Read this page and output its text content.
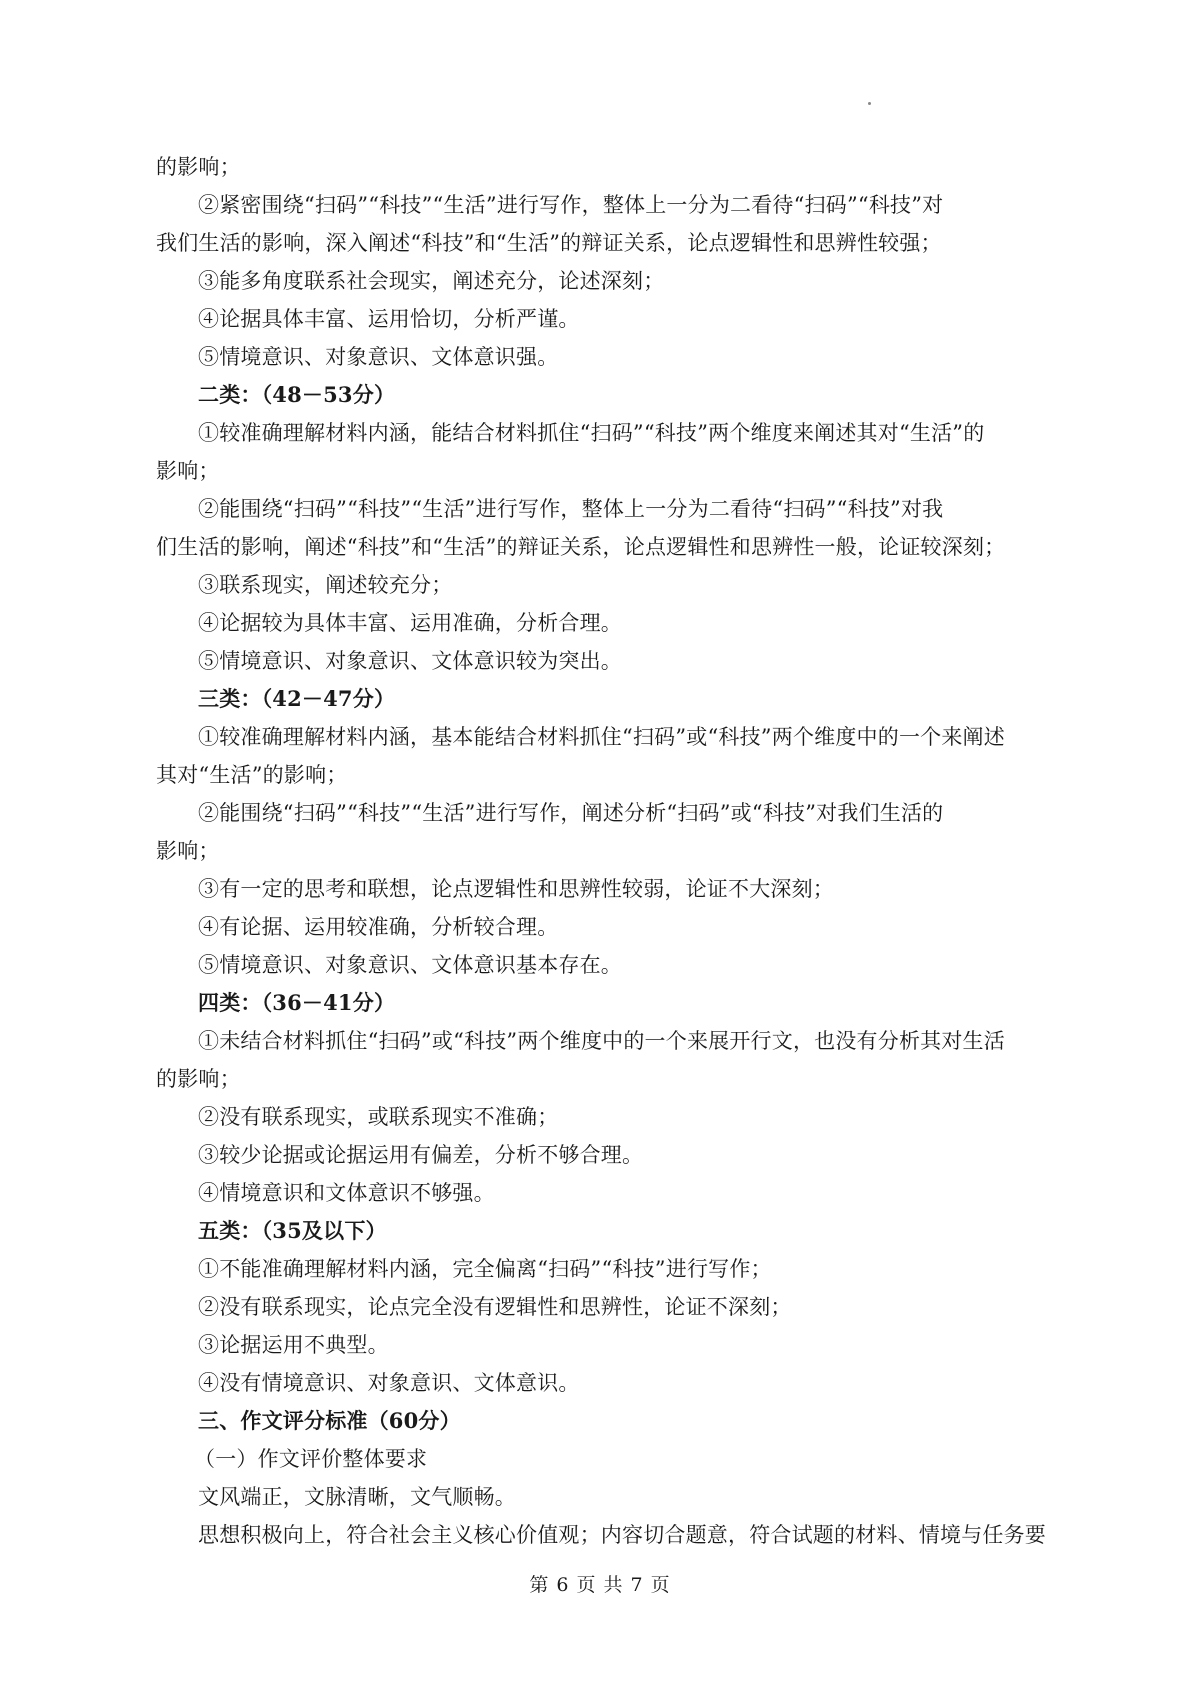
的影响；
②紧密围绕“扫码”“科技”“生活”进行写作，整体上一分为二看待“扫码”“科技”对
我们生活的影响，深入阐述“科技”和“生活”的辩证关系，论点逻辑性和思辨性较强；
③能多角度联系社会现实，阐述充分，论述深刻；
④论据具体丰富、运用恰切，分析严谨。
⑤情境意识、对象意识、文体意识强。
二类：（48－53分）
①较准确理解材料内涵，能结合材料抓住“扫码”“科技”两个维度来阐述其对“生活”的
影响；
②能围绕“扫码”“科技”“生活”进行写作，整体上一分为二看待“扫码”“科技”对我
们生活的影响，阐述“科技”和“生活”的辩证关系，论点逻辑性和思辨性一般，论证较深刻；
③联系现实，阐述较充分；
④论据较为具体丰富、运用准确，分析合理。
⑤情境意识、对象意识、文体意识较为突出。
三类：（42－47分）
①较准确理解材料内涵，基本能结合材料抓住“扫码”或“科技”两个维度中的一个来阐述
其对“生活”的影响；
②能围绕“扫码”“科技”“生活”进行写作，阐述分析“扫码”或“科技”对我们生活的
影响；
③有一定的思考和联想，论点逻辑性和思辨性较弱，论证不大深刻；
④有论据、运用较准确，分析较合理。
⑤情境意识、对象意识、文体意识基本存在。
四类：（36－41分）
①未结合材料抓住“扫码”或“科技”两个维度中的一个来展开行文，也没有分析其对生活
的影响；
②没有联系现实，或联系现实不准确；
③较少论据或论据运用有偏差，分析不够合理。
④情境意识和文体意识不够强。
五类：（35及以下）
①不能准确理解材料内涵，完全偏离“扫码”“科技”进行写作；
②没有联系现实，论点完全没有逻辑性和思辨性，论证不深刻；
③论据运用不典型。
④没有情境意识、对象意识、文体意识。
三、作文评分标准（60分）
（一）作文评价整体要求
文风端正，文脉清晰，文气顺畅。
思想积极向上，符合社会主义核心价值观；内容切合题意，符合试题的材料、情境与任务要
第 6 页 共 7 页
